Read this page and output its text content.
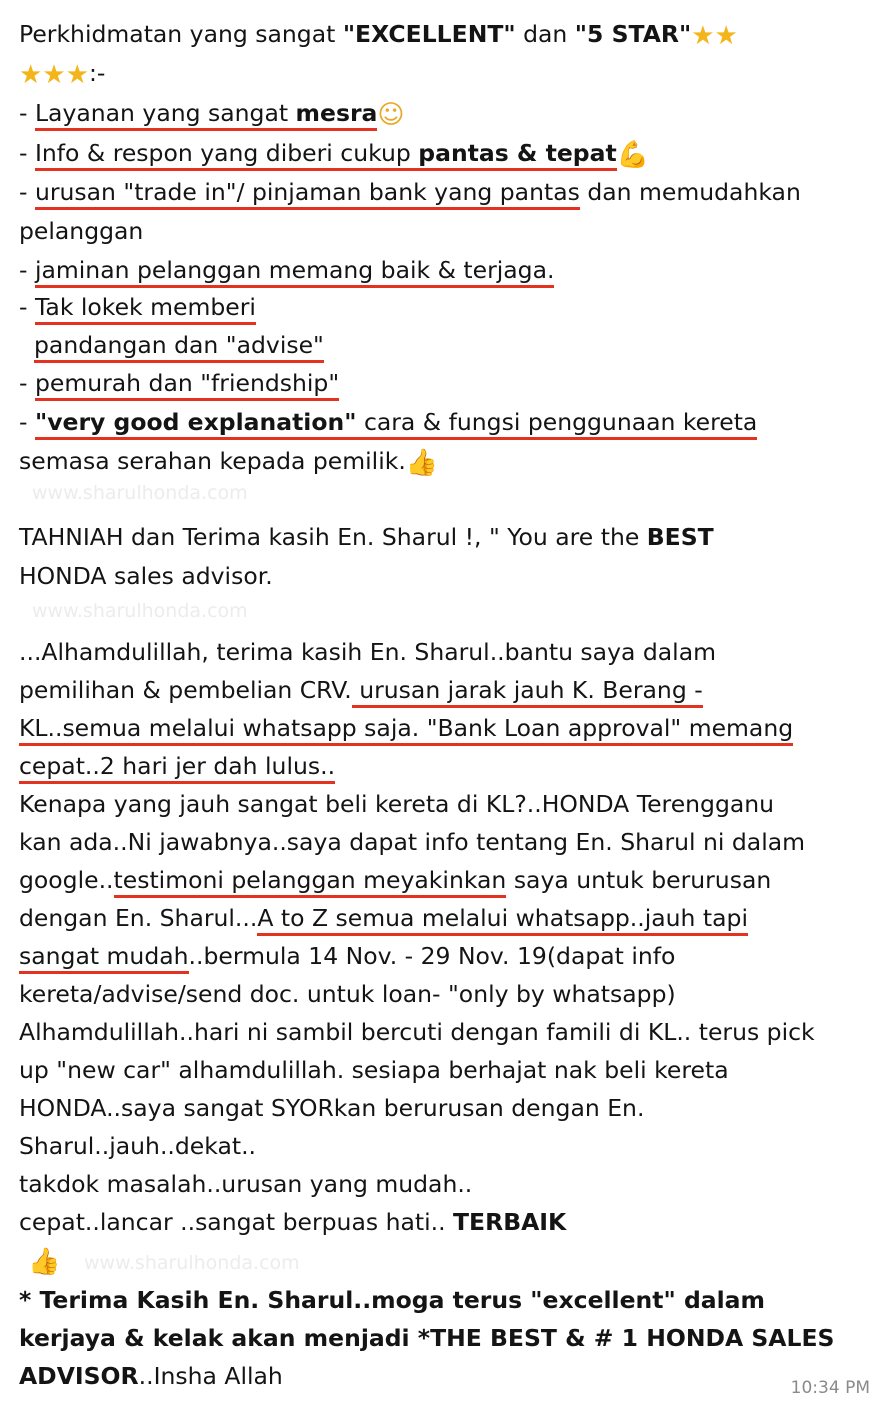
Perkhidmatan yang sangat "EXCELLENT" dan "5 STAR"★★
★★★:-
- Layanan yang sangat mesra☺
- Info & respon yang diberi cukup pantas & tepat💪
- urusan "trade in"/ pinjaman bank yang pantas dan memudahkan
pelanggan
- jaminan pelanggan memang baik & terjaga.
- Tak lokek memberi
pandangan dan "advise"
- pemurah dan "friendship"
- "very good explanation" cara & fungsi penggunaan kereta
semasa serahan kepada pemilik.👍
www.sharulhonda.com
TAHNIAH dan Terima kasih En. Sharul !, " You are the BEST
HONDA sales advisor.
www.sharulhonda.com
...Alhamdulillah, terima kasih En. Sharul..bantu saya dalam
pemilihan & pembelian CRV. urusan jarak jauh K. Berang -
KL..semua melalui whatsapp saja. "Bank Loan approval" memang
cepat..2 hari jer dah lulus..
Kenapa yang jauh sangat beli kereta di KL?..HONDA Terengganu
kan ada..Ni jawabnya..saya dapat info tentang En. Sharul ni dalam
google..testimoni pelanggan meyakinkan saya untuk berurusan
dengan En. Sharul...A to Z semua melalui whatsapp..jauh tapi
sangat mudah..bermula 14 Nov. - 29 Nov. 19(dapat info
kereta/advise/send doc. untuk loan- "only by whatsapp)
Alhamdulillah..hari ni sambil bercuti dengan famili di KL.. terus pick
up "new car" alhamdulillah. sesiapa berhajat nak beli kereta
HONDA..saya sangat SYORkan berurusan dengan En.
Sharul..jauh..dekat..
takdok masalah..urusan yang mudah..
cepat..lancar ..sangat berpuas hati.. TERBAIK
👍 www.sharulhonda.com
* Terima Kasih En. Sharul..moga terus "excellent" dalam
kerjaya & kelak akan menjadi *THE BEST & # 1 HONDA SALES
ADVISOR..Insha Allah	10:34 PM
